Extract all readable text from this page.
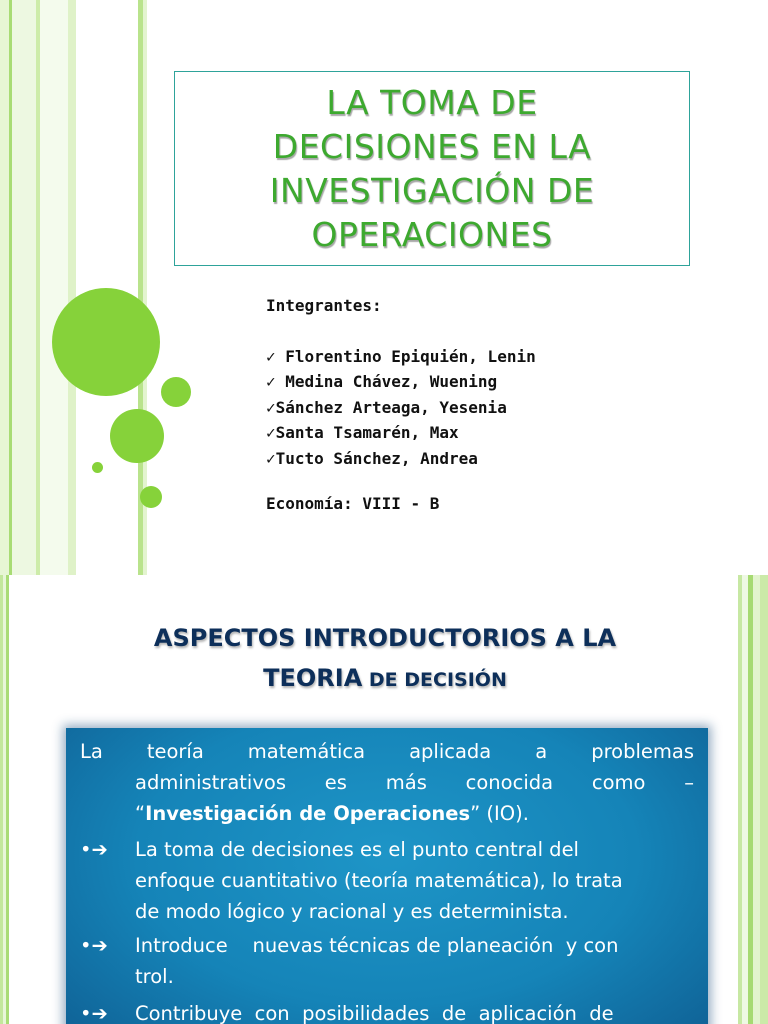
LA TOMA DE
DECISIONES EN LA
INVESTIGACIÓN DE
OPERACIONES

Integrantes:

✓ Florentino Epiquién, Lenin

✓ Medina Chávez, Wuening

✓Sánchez Arteaga, Yesenia

✓Santa Tsamarén, Max

✓Tucto Sánchez, Andrea

Economía: VIII - B

ASPECTOS INTRODUCTORIOS A LA
TEORIA DE DECISIÓN
La teoría matemática aplicada a problemas
administrativos es más conocida como –
“ Investigación de Operaciones ” (IO).
•➔ La toma de decisiones es el punto central del
enfoque cuantitativo (teoría matemática), lo trata
de modo lógico y racional y es determinista.
•➔ Introduce    nuevas técnicas de planeación  y con
trol.
•➔ Contribuye  con  posibilidades  de  aplicación  de
